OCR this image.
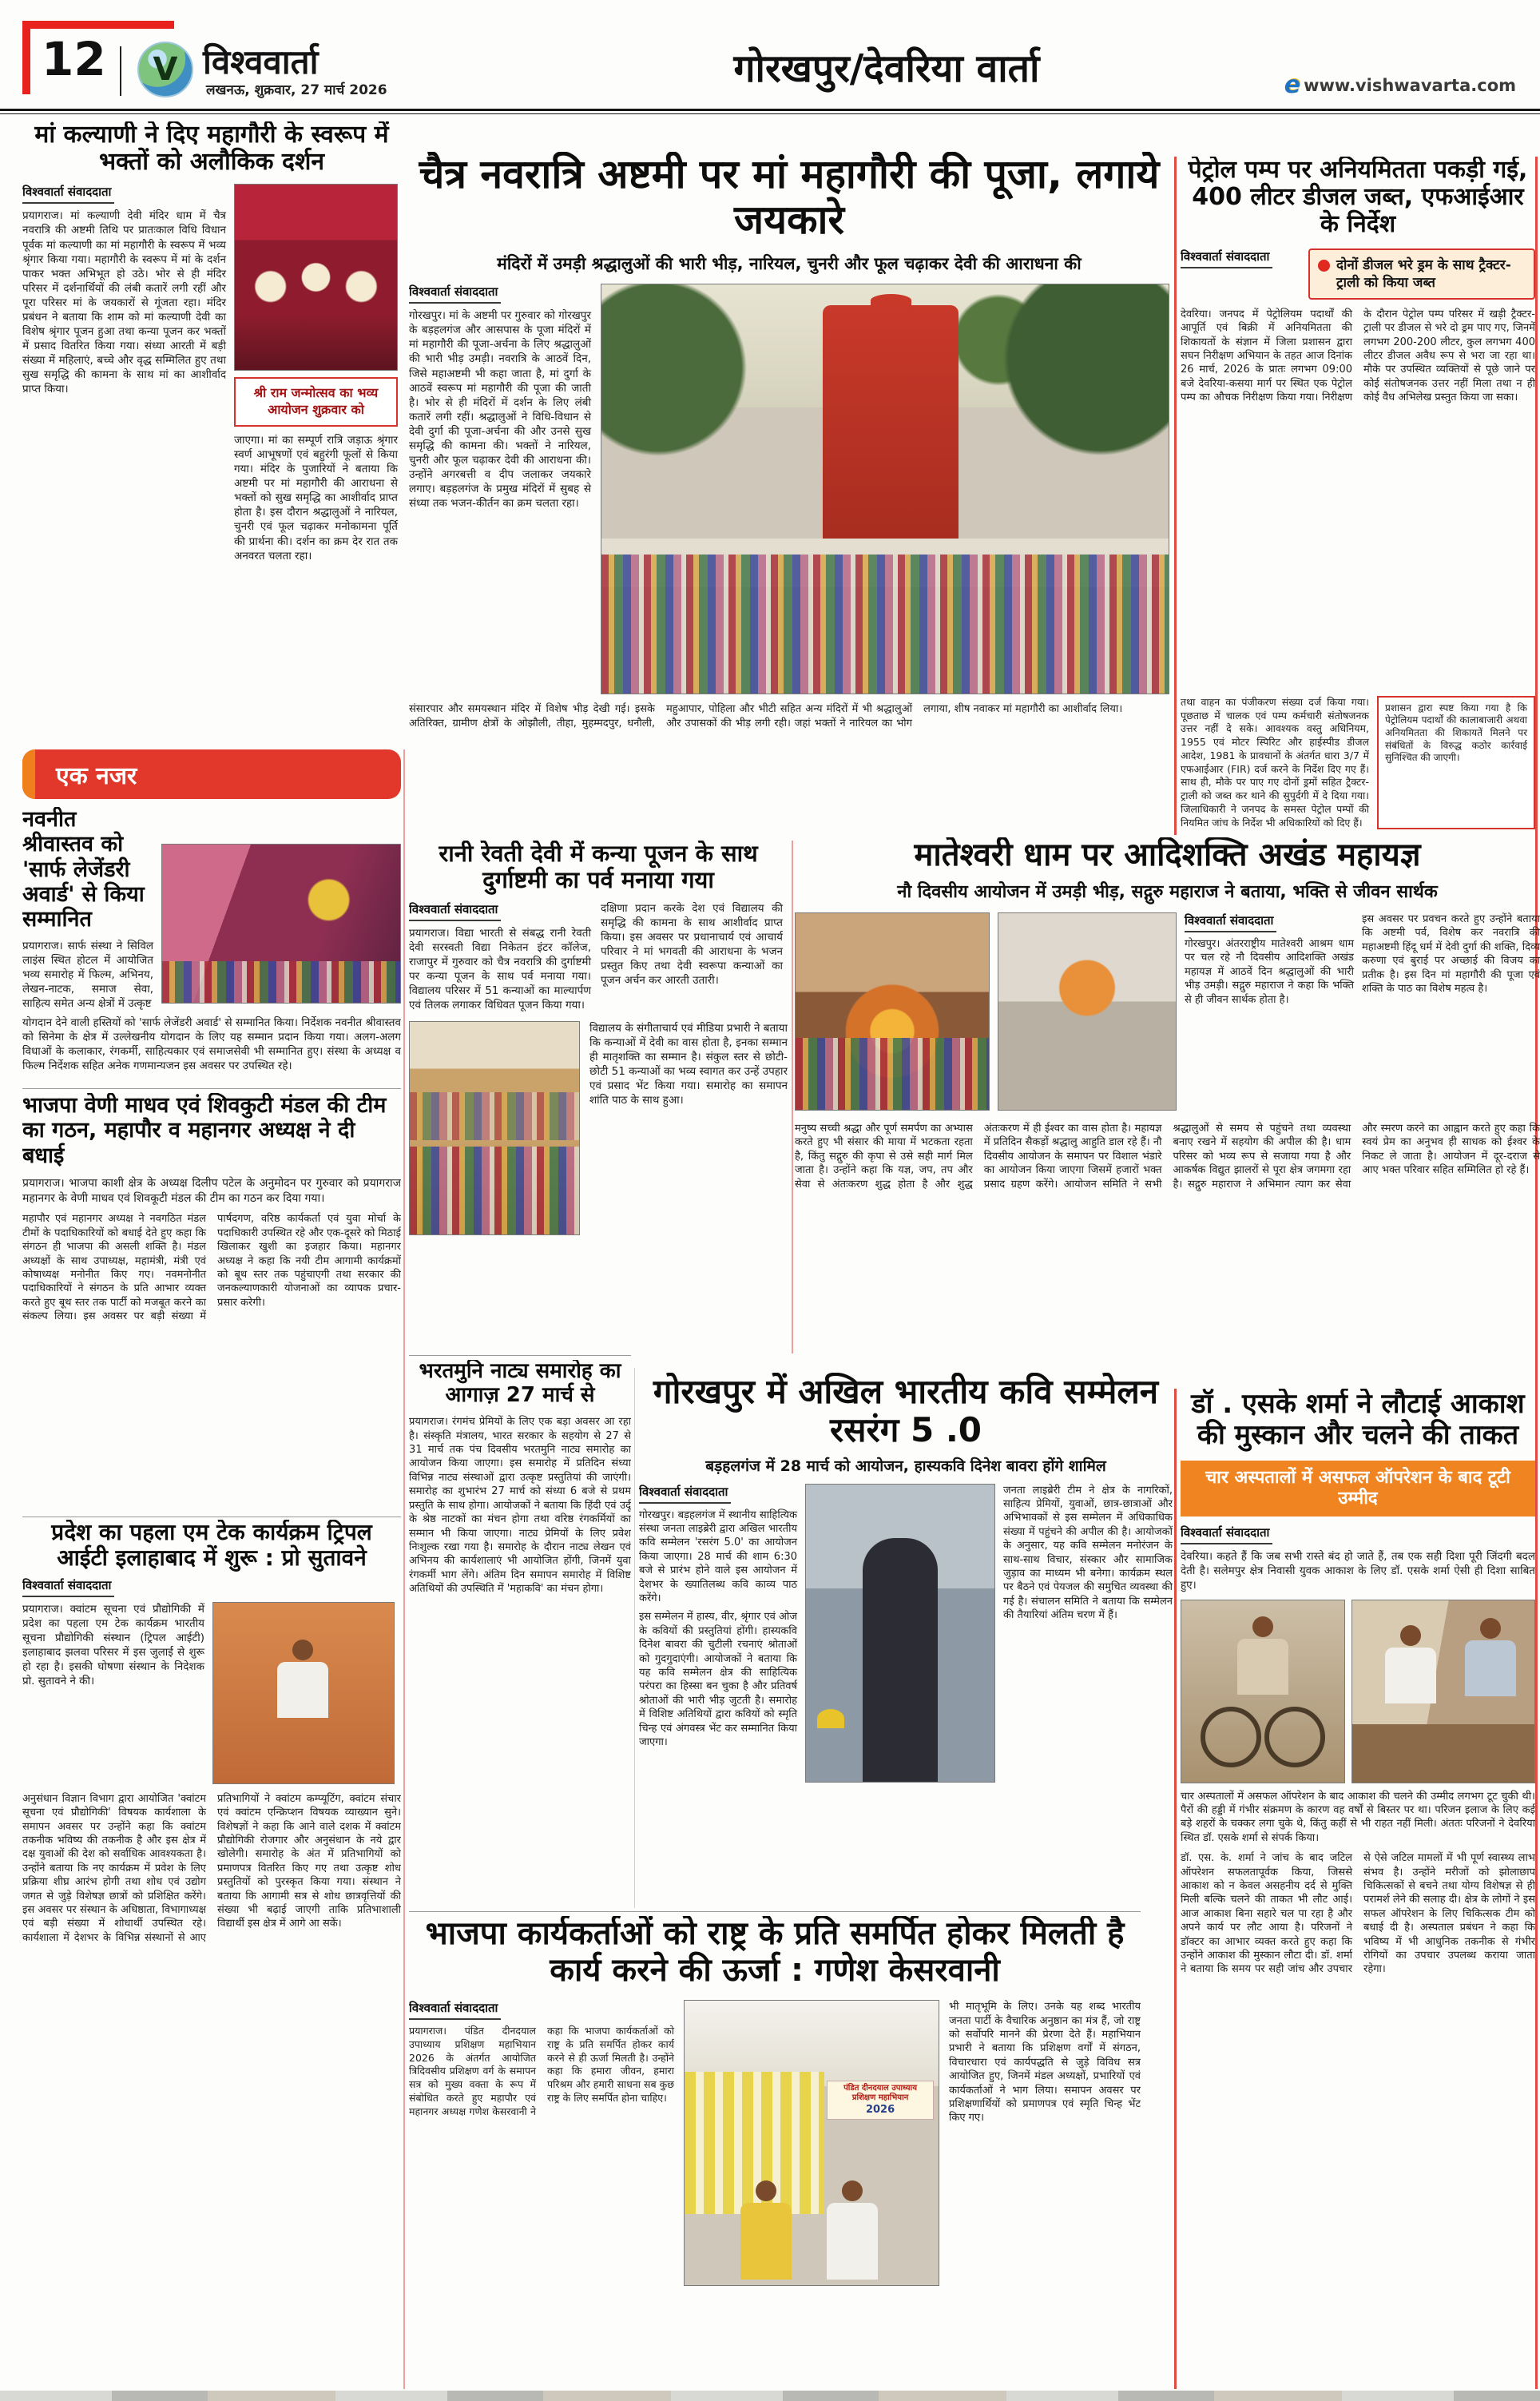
12 V विश्ववार्ता
लखनऊ, शुक्रवार, 27 मार्च 2026	गोरखपुर/देवरिया वार्ता	e www.vishwavarta.com
मां कल्याणी ने दिए महागौरी के स्वरूप में भक्तों को अलौकिक दर्शन
विश्ववार्ता संवाददाता
प्रयागराज। मां कल्याणी देवी मंदिर धाम में चैत्र नवरात्रि की अष्टमी तिथि पर प्रातःकाल विधि विधान पूर्वक मां कल्याणी का मां महागौरी के स्वरूप में भव्य श्रृंगार किया गया। महागौरी के स्वरूप में मां के दर्शन पाकर भक्त अभिभूत हो उठे। भोर से ही मंदिर परिसर में दर्शनार्थियों की लंबी कतारें लगी रहीं और पूरा परिसर मां के जयकारों से गूंजता रहा। मंदिर प्रबंधन ने बताया कि शाम को मां कल्याणी देवी का विशेष श्रृंगार पूजन हुआ तथा कन्या पूजन कर भक्तों में प्रसाद वितरित किया गया। संध्या आरती में बड़ी संख्या में महिलाएं, बच्चे और वृद्ध सम्मिलित हुए तथा सुख समृद्धि की कामना के साथ मां का आशीर्वाद प्राप्त किया।	श्री राम जन्मोत्सव का भव्य आयोजन शुक्रवार को
जाएगा। मां का सम्पूर्ण रात्रि जड़ाऊ श्रृंगार स्वर्ण आभूषणों एवं बहुरंगी फूलों से किया गया। मंदिर के पुजारियों ने बताया कि अष्टमी पर मां महागौरी की आराधना से भक्तों को सुख समृद्धि का आशीर्वाद प्राप्त होता है। इस दौरान श्रद्धालुओं ने नारियल, चुनरी एवं फूल चढ़ाकर मनोकामना पूर्ति की प्रार्थना की। दर्शन का क्रम देर रात तक अनवरत चलता रहा।
एक नजर
नवनीत श्रीवास्तव को 'सार्फ लेजेंडरी अवार्ड' से किया सम्मानित
प्रयागराज। सार्फ संस्था ने सिविल लाइंस स्थित होटल में आयोजित भव्य समारोह में फिल्म, अभिनय, लेखन-नाटक, समाज सेवा, साहित्य समेत अन्य क्षेत्रों में उत्कृष्ट
योगदान देने वाली हस्तियों को 'सार्फ लेजेंडरी अवार्ड' से सम्मानित किया। निर्देशक नवनीत श्रीवास्तव को सिनेमा के क्षेत्र में उल्लेखनीय योगदान के लिए यह सम्मान प्रदान किया गया। अलग-अलग विधाओं के कलाकार, रंगकर्मी, साहित्यकार एवं समाजसेवी भी सम्मानित हुए। संस्था के अध्यक्ष व फिल्म निर्देशक सहित अनेक गणमान्यजन इस अवसर पर उपस्थित रहे।
भाजपा वेणी माधव एवं शिवकुटी मंडल की टीम का गठन, महापौर व महानगर अध्यक्ष ने दी बधाई
प्रयागराज। भाजपा काशी क्षेत्र के अध्यक्ष दिलीप पटेल के अनुमोदन पर गुरुवार को प्रयागराज महानगर के वेणी माधव एवं शिवकूटी मंडल की टीम का गठन कर दिया गया।
महापौर एवं महानगर अध्यक्ष ने नवगठित मंडल टीमों के पदाधिकारियों को बधाई देते हुए कहा कि संगठन ही भाजपा की असली शक्ति है। मंडल अध्यक्षों के साथ उपाध्यक्ष, महामंत्री, मंत्री एवं कोषाध्यक्ष मनोनीत किए गए। नवमनोनीत पदाधिकारियों ने संगठन के प्रति आभार व्यक्त करते हुए बूथ स्तर तक पार्टी को मजबूत करने का संकल्प लिया। इस अवसर पर बड़ी संख्या में पार्षदगण, वरिष्ठ कार्यकर्ता एवं युवा मोर्चा के पदाधिकारी उपस्थित रहे और एक-दूसरे को मिठाई खिलाकर खुशी का इजहार किया। महानगर अध्यक्ष ने कहा कि नयी टीम आगामी कार्यक्रमों को बूथ स्तर तक पहुंचाएगी तथा सरकार की जनकल्याणकारी योजनाओं का व्यापक प्रचार-प्रसार करेगी।
प्रदेश का पहला एम टेक कार्यक्रम ट्रिपल आईटी इलाहाबाद में शुरू : प्रो सुतावने
विश्ववार्ता संवाददाता
प्रयागराज। क्वांटम सूचना एवं प्रौद्योगिकी में प्रदेश का पहला एम टेक कार्यक्रम भारतीय सूचना प्रौद्योगिकी संस्थान (ट्रिपल आईटी) इलाहाबाद झलवा परिसर में इस जुलाई से शुरू हो रहा है। इसकी घोषणा संस्थान के निदेशक प्रो. सुतावने ने की।
अनुसंधान विज्ञान विभाग द्वारा आयोजित 'क्वांटम सूचना एवं प्रौद्योगिकी' विषयक कार्यशाला के समापन अवसर पर उन्होंने कहा कि क्वांटम तकनीक भविष्य की तकनीक है और इस क्षेत्र में दक्ष युवाओं की देश को सर्वाधिक आवश्यकता है। उन्होंने बताया कि नए कार्यक्रम में प्रवेश के लिए प्रक्रिया शीघ्र आरंभ होगी तथा शोध एवं उद्योग जगत से जुड़े विशेषज्ञ छात्रों को प्रशिक्षित करेंगे। इस अवसर पर संस्थान के अधिष्ठाता, विभागाध्यक्ष एवं बड़ी संख्या में शोधार्थी उपस्थित रहे। कार्यशाला में देशभर के विभिन्न संस्थानों से आए प्रतिभागियों ने क्वांटम कम्प्यूटिंग, क्वांटम संचार एवं क्वांटम एन्क्रिप्शन विषयक व्याख्यान सुने। विशेषज्ञों ने कहा कि आने वाले दशक में क्वांटम प्रौद्योगिकी रोजगार और अनुसंधान के नये द्वार खोलेगी। समारोह के अंत में प्रतिभागियों को प्रमाणपत्र वितरित किए गए तथा उत्कृष्ट शोध प्रस्तुतियों को पुरस्कृत किया गया। संस्थान ने बताया कि आगामी सत्र से शोध छात्रवृत्तियों की संख्या भी बढ़ाई जाएगी ताकि प्रतिभाशाली विद्यार्थी इस क्षेत्र में आगे आ सकें।
चैत्र नवरात्रि अष्टमी पर मां महागौरी की पूजा, लगाये जयकारे
मंदिरों में उमड़ी श्रद्धालुओं की भारी भीड़, नारियल, चुनरी और फूल चढ़ाकर देवी की आराधना की
विश्ववार्ता संवाददाता
गोरखपुर। मां के अष्टमी पर गुरुवार को गोरखपुर के बड़हलगंज और आसपास के पूजा मंदिरों में मां महागौरी की पूजा-अर्चना के लिए श्रद्धालुओं की भारी भीड़ उमड़ी। नवरात्रि के आठवें दिन, जिसे महाअष्टमी भी कहा जाता है, मां दुर्गा के आठवें स्वरूप मां महागौरी की पूजा की जाती है। भोर से ही मंदिरों में दर्शन के लिए लंबी कतारें लगी रहीं। श्रद्धालुओं ने विधि-विधान से देवी दुर्गा की पूजा-अर्चना की और उनसे सुख समृद्धि की कामना की। भक्तों ने नारियल, चुनरी और फूल चढ़ाकर देवी की आराधना की। उन्होंने अगरबत्ती व दीप जलाकर जयकारे लगाए। बड़हलगंज के प्रमुख मंदिरों में सुबह से संध्या तक भजन-कीर्तन का क्रम चलता रहा।
संसारपार और समयस्थान मंदिर में विशेष भीड़ देखी गई। इसके अतिरिक्त, ग्रामीण क्षेत्रों के ओझौली, तीहा, मुहम्मदपुर, धनौली, महुआपार, पोहिला और भीटी सहित अन्य मंदिरों में भी श्रद्धालुओं और उपासकों की भीड़ लगी रही। जहां भक्तों ने नारियल का भोग लगाया, शीष नवाकर मां महागौरी का आशीर्वाद लिया।
रानी रेवती देवी में कन्या पूजन के साथ दुर्गाष्टमी का पर्व मनाया गया
विश्ववार्ता संवाददाता
प्रयागराज। विद्या भारती से संबद्ध रानी रेवती देवी सरस्वती विद्या निकेतन इंटर कॉलेज, राजापुर में गुरुवार को चैत्र नवरात्रि की दुर्गाष्टमी पर कन्या पूजन के साथ पर्व मनाया गया। विद्यालय परिसर में 51 कन्याओं का माल्यार्पण एवं तिलक लगाकर विधिवत पूजन किया गया।
दक्षिणा प्रदान करके देश एवं विद्यालय की समृद्धि की कामना के साथ आशीर्वाद प्राप्त किया। इस अवसर पर प्रधानाचार्य एवं आचार्य परिवार ने मां भगवती की आराधना के भजन प्रस्तुत किए तथा देवी स्वरूपा कन्याओं का पूजन अर्चन कर आरती उतारी।
विद्यालय के संगीताचार्य एवं मीडिया प्रभारी ने बताया कि कन्याओं में देवी का वास होता है, इनका सम्मान ही मातृशक्ति का सम्मान है। संकुल स्तर से छोटी-छोटी 51 कन्याओं का भव्य स्वागत कर उन्हें उपहार एवं प्रसाद भेंट किया गया। समारोह का समापन शांति पाठ के साथ हुआ।
मातेश्वरी धाम पर आदिशक्ति अखंड महायज्ञ
नौ दिवसीय आयोजन में उमड़ी भीड़, सद्गुरु महाराज ने बताया, भक्ति से जीवन सार्थक
विश्ववार्ता संवाददाता
गोरखपुर। अंतरराष्ट्रीय मातेश्वरी आश्रम धाम पर चल रहे नौ दिवसीय आदिशक्ति अखंड महायज्ञ में आठवें दिन श्रद्धालुओं की भारी भीड़ उमड़ी। सद्गुरु महाराज ने कहा कि भक्ति से ही जीवन सार्थक होता है।
इस अवसर पर प्रवचन करते हुए उन्होंने बताया कि अष्टमी पर्व, विशेष कर नवरात्रि की महाअष्टमी हिंदू धर्म में देवी दुर्गा की शक्ति, दिव्य करुणा एवं बुराई पर अच्छाई की विजय का प्रतीक है। इस दिन मां महागौरी की पूजा एवं शक्ति के पाठ का विशेष महत्व है।
मनुष्य सच्ची श्रद्धा और पूर्ण समर्पण का अभ्यास करते हुए भी संसार की माया में भटकता रहता है, किंतु सद्गुरु की कृपा से उसे सही मार्ग मिल जाता है। उन्होंने कहा कि यज्ञ, जप, तप और सेवा से अंतःकरण शुद्ध होता है और शुद्ध अंतःकरण में ही ईश्वर का वास होता है। महायज्ञ में प्रतिदिन सैकड़ों श्रद्धालु आहुति डाल रहे हैं। नौ दिवसीय आयोजन के समापन पर विशाल भंडारे का आयोजन किया जाएगा जिसमें हजारों भक्त प्रसाद ग्रहण करेंगे। आयोजन समिति ने सभी श्रद्धालुओं से समय से पहुंचने तथा व्यवस्था बनाए रखने में सहयोग की अपील की है। धाम परिसर को भव्य रूप से सजाया गया है और आकर्षक विद्युत झालरों से पूरा क्षेत्र जगमगा रहा है। सद्गुरु महाराज ने अभिमान त्याग कर सेवा और स्मरण करने का आह्वान करते हुए कहा कि स्वयं प्रेम का अनुभव ही साधक को ईश्वर के निकट ले जाता है। आयोजन में दूर-दराज से आए भक्त परिवार सहित सम्मिलित हो रहे हैं।
भरतमुनि नाट्य समारोह का आगाज़ 27 मार्च से
प्रयागराज। रंगमंच प्रेमियों के लिए एक बड़ा अवसर आ रहा है। संस्कृति मंत्रालय, भारत सरकार के सहयोग से 27 से 31 मार्च तक पंच दिवसीय भरतमुनि नाट्य समारोह का आयोजन किया जाएगा। इस समारोह में प्रतिदिन संध्या विभिन्न नाट्य संस्थाओं द्वारा उत्कृष्ट प्रस्तुतियां की जाएंगी। समारोह का शुभारंभ 27 मार्च को संध्या 6 बजे से प्रथम प्रस्तुति के साथ होगा। आयोजकों ने बताया कि हिंदी एवं उर्दू के श्रेष्ठ नाटकों का मंचन होगा तथा वरिष्ठ रंगकर्मियों का सम्मान भी किया जाएगा। नाट्य प्रेमियों के लिए प्रवेश निःशुल्क रखा गया है। समारोह के दौरान नाट्य लेखन एवं अभिनय की कार्यशालाएं भी आयोजित होंगी, जिनमें युवा रंगकर्मी भाग लेंगे। अंतिम दिन समापन समारोह में विशिष्ट अतिथियों की उपस्थिति में 'महाकवि' का मंचन होगा।
गोरखपुर में अखिल भारतीय कवि सम्मेलन रसरंग 5 .0
बड़हलगंज में 28 मार्च को आयोजन, हास्यकवि दिनेश बावरा होंगे शामिल
विश्ववार्ता संवाददाता
गोरखपुर। बड़हलगंज में स्थानीय साहित्यिक संस्था जनता लाइब्रेरी द्वारा अखिल भारतीय कवि सम्मेलन 'रसरंग 5.0' का आयोजन किया जाएगा। 28 मार्च की शाम 6:30 बजे से प्रारंभ होने वाले इस आयोजन में देशभर के ख्यातिलब्ध कवि काव्य पाठ करेंगे।
इस सम्मेलन में हास्य, वीर, श्रृंगार एवं ओज के कवियों की प्रस्तुतियां होंगी। हास्यकवि दिनेश बावरा की चुटीली रचनाएं श्रोताओं को गुदगुदाएंगी। आयोजकों ने बताया कि यह कवि सम्मेलन क्षेत्र की साहित्यिक परंपरा का हिस्सा बन चुका है और प्रतिवर्ष श्रोताओं की भारी भीड़ जुटती है। समारोह में विशिष्ट अतिथियों द्वारा कवियों को स्मृति चिन्ह एवं अंगवस्त्र भेंट कर सम्मानित किया जाएगा।
जनता लाइब्रेरी टीम ने क्षेत्र के नागरिकों, साहित्य प्रेमियों, युवाओं, छात्र-छात्राओं और अभिभावकों से इस सम्मेलन में अधिकाधिक संख्या में पहुंचने की अपील की है। आयोजकों के अनुसार, यह कवि सम्मेलन मनोरंजन के साथ-साथ विचार, संस्कार और सामाजिक जुड़ाव का माध्यम भी बनेगा। कार्यक्रम स्थल पर बैठने एवं पेयजल की समुचित व्यवस्था की गई है। संचालन समिति ने बताया कि सम्मेलन की तैयारियां अंतिम चरण में हैं।
पेट्रोल पम्प पर अनियमितता पकड़ी गई, 400 लीटर डीजल जब्त, एफआईआर के निर्देश
विश्ववार्ता संवाददाता
दोनों डीजल भरे ड्रम के साथ ट्रैक्टर-ट्राली को किया जब्त
देवरिया। जनपद में पेट्रोलियम पदार्थों की आपूर्ति एवं बिक्री में अनियमितता की शिकायतों के संज्ञान में जिला प्रशासन द्वारा सघन निरीक्षण अभियान के तहत आज दिनांक 26 मार्च, 2026 के प्रातः लगभग 09:00 बजे देवरिया-कसया मार्ग पर स्थित एक पेट्रोल पम्प का औचक निरीक्षण किया गया। निरीक्षण के दौरान पेट्रोल पम्प परिसर में खड़ी ट्रैक्टर-ट्राली पर डीजल से भरे दो ड्रम पाए गए, जिनमें लगभग 200-200 लीटर, कुल लगभग 400 लीटर डीजल अवैध रूप से भरा जा रहा था। मौके पर उपस्थित व्यक्तियों से पूछे जाने पर कोई संतोषजनक उत्तर नहीं मिला तथा न ही कोई वैध अभिलेख प्रस्तुत किया जा सका।
तथा वाहन का पंजीकरण संख्या दर्ज किया गया। पूछताछ में चालक एवं पम्प कर्मचारी संतोषजनक उत्तर नहीं दे सके। आवश्यक वस्तु अधिनियम, 1955 एवं मोटर स्पिरिट और हाईस्पीड डीजल आदेश, 1981 के प्रावधानों के अंतर्गत धारा 3/7 में एफआईआर (FIR) दर्ज करने के निर्देश दिए गए हैं। साथ ही, मौके पर पाए गए दोनों ड्रमों सहित ट्रैक्टर-ट्राली को जब्त कर थाने की सुपुर्दगी में दे दिया गया। जिलाधिकारी ने जनपद के समस्त पेट्रोल पम्पों की नियमित जांच के निर्देश भी अधिकारियों को दिए हैं।
प्रशासन द्वारा स्पष्ट किया गया है कि पेट्रोलियम पदार्थों की कालाबाजारी अथवा अनियमितता की शिकायतें मिलने पर संबंधितों के विरुद्ध कठोर कार्रवाई सुनिश्चित की जाएगी।
डॉ . एसके शर्मा ने लौटाई आकाश की मुस्कान और चलने की ताकत
चार अस्पतालों में असफल ऑपरेशन के बाद टूटी उम्मीद
विश्ववार्ता संवाददाता
देवरिया। कहते हैं कि जब सभी रास्ते बंद हो जाते हैं, तब एक सही दिशा पूरी जिंदगी बदल देती है। सलेमपुर क्षेत्र निवासी युवक आकाश के लिए डॉ. एसके शर्मा ऐसी ही दिशा साबित हुए।
चार अस्पतालों में असफल ऑपरेशन के बाद आकाश की चलने की उम्मीद लगभग टूट चुकी थी। पैरों की हड्डी में गंभीर संक्रमण के कारण वह वर्षों से बिस्तर पर था। परिजन इलाज के लिए कई बड़े शहरों के चक्कर लगा चुके थे, किंतु कहीं से भी राहत नहीं मिली। अंततः परिजनों ने देवरिया स्थित डॉ. एसके शर्मा से संपर्क किया।
डॉ. एस. के. शर्मा ने जांच के बाद जटिल ऑपरेशन सफलतापूर्वक किया, जिससे आकाश को न केवल असहनीय दर्द से मुक्ति मिली बल्कि चलने की ताकत भी लौट आई। आज आकाश बिना सहारे चल पा रहा है और अपने कार्य पर लौट आया है। परिजनों ने डॉक्टर का आभार व्यक्त करते हुए कहा कि उन्होंने आकाश की मुस्कान लौटा दी। डॉ. शर्मा ने बताया कि समय पर सही जांच और उपचार से ऐसे जटिल मामलों में भी पूर्ण स्वास्थ्य लाभ संभव है। उन्होंने मरीजों को झोलाछाप चिकित्सकों से बचने तथा योग्य विशेषज्ञ से ही परामर्श लेने की सलाह दी। क्षेत्र के लोगों ने इस सफल ऑपरेशन के लिए चिकित्सक टीम को बधाई दी है। अस्पताल प्रबंधन ने कहा कि भविष्य में भी आधुनिक तकनीक से गंभीर रोगियों का उपचार उपलब्ध कराया जाता रहेगा।
भाजपा कार्यकर्ताओं को राष्ट्र के प्रति समर्पित होकर मिलती है कार्य करने की ऊर्जा : गणेश केसरवानी
विश्ववार्ता संवाददाता
प्रयागराज। पंडित दीनदयाल उपाध्याय प्रशिक्षण महाभियान 2026 के अंतर्गत आयोजित त्रिदिवसीय प्रशिक्षण वर्ग के समापन सत्र को मुख्य वक्ता के रूप में संबोधित करते हुए महापौर एवं महानगर अध्यक्ष गणेश केसरवानी ने कहा कि भाजपा कार्यकर्ताओं को राष्ट्र के प्रति समर्पित होकर कार्य करने से ही ऊर्जा मिलती है। उन्होंने कहा कि हमारा जीवन, हमारा परिश्रम और हमारी साधना सब कुछ राष्ट्र के लिए समर्पित होना चाहिए।
पंडित दीनदयाल उपाध्याय
प्रशिक्षण महाभियान
2026
भी मातृभूमि के लिए। उनके यह शब्द भारतीय जनता पार्टी के वैचारिक अनुष्ठान का मंत्र हैं, जो राष्ट्र को सर्वोपरि मानने की प्रेरणा देते हैं। महाभियान प्रभारी ने बताया कि प्रशिक्षण वर्गों में संगठन, विचारधारा एवं कार्यपद्धति से जुड़े विविध सत्र आयोजित हुए, जिनमें मंडल अध्यक्षों, प्रभारियों एवं कार्यकर्ताओं ने भाग लिया। समापन अवसर पर प्रशिक्षणार्थियों को प्रमाणपत्र एवं स्मृति चिन्ह भेंट किए गए।
